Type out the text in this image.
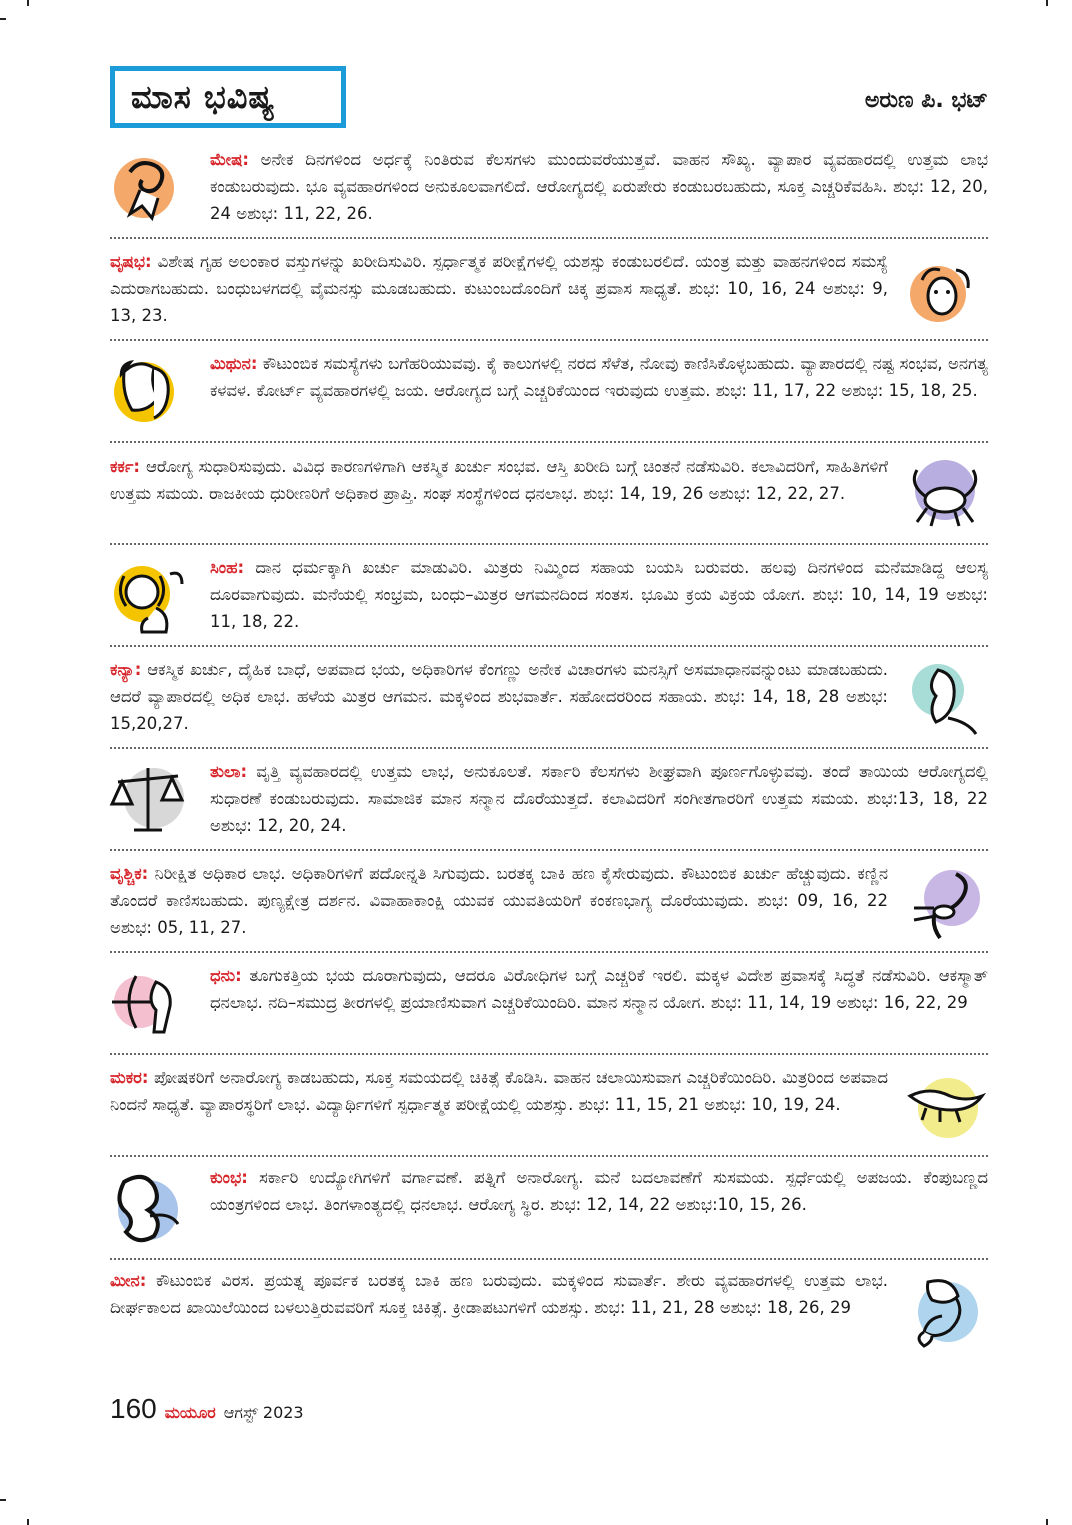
ಮಾಸ ಭವಿಷ್ಯ	ಅರುಣ ಪಿ. ಭಟ್

ಮೇಷ: ಅನೇಕ ದಿನಗಳಿಂದ ಅರ್ಧಕ್ಕೆ ನಿಂತಿರುವ ಕೆಲಸಗಳು ಮುಂದುವರೆಯುತ್ತವೆ. ವಾಹನ ಸೌಖ್ಯ. ವ್ಯಾಪಾರ ವ್ಯವಹಾರದಲ್ಲಿ ಉತ್ತಮ ಲಾಭ ಕಂಡುಬರುವುದು. ಭೂ ವ್ಯವಹಾರಗಳಿಂದ ಅನುಕೂಲವಾಗಲಿದೆ. ಆರೋಗ್ಯದಲ್ಲಿ ಏರುಪೇರು ಕಂಡುಬರಬಹುದು, ಸೂಕ್ತ ಎಚ್ಚರಿಕೆವಹಿಸಿ. ಶುಭ: 12, 20, 24 ಅಶುಭ: 11, 22, 26.

ವೃಷಭ: ವಿಶೇಷ ಗೃಹ ಅಲಂಕಾರ ವಸ್ತುಗಳನ್ನು ಖರೀದಿಸುವಿರಿ. ಸ್ಪರ್ಧಾತ್ಮಕ ಪರೀಕ್ಷೆಗಳಲ್ಲಿ ಯಶಸ್ಸು ಕಂಡುಬರಲಿದೆ. ಯಂತ್ರ ಮತ್ತು ವಾಹನಗಳಿಂದ ಸಮಸ್ಯೆ ಎದುರಾಗಬಹುದು. ಬಂಧುಬಳಗದಲ್ಲಿ ವೈಮನಸ್ಸು ಮೂಡಬಹುದು. ಕುಟುಂಬದೊಂದಿಗೆ ಚಿಕ್ಕ ಪ್ರವಾಸ ಸಾಧ್ಯತೆ. ಶುಭ: 10, 16, 24 ಅಶುಭ: 9, 13, 23.

ಮಿಥುನ: ಕೌಟುಂಬಿಕ ಸಮಸ್ಯೆಗಳು ಬಗೆಹರಿಯುವವು. ಕೈ ಕಾಲುಗಳಲ್ಲಿ ನರದ ಸೆಳೆತ, ನೋವು ಕಾಣಿಸಿಕೊಳ್ಳಬಹುದು. ವ್ಯಾಪಾರದಲ್ಲಿ ನಷ್ಟ ಸಂಭವ, ಅನಗತ್ಯ ಕಳವಳ. ಕೋರ್ಟ್ ವ್ಯವಹಾರಗಳಲ್ಲಿ ಜಯ. ಆರೋಗ್ಯದ ಬಗ್ಗೆ ಎಚ್ಚರಿಕೆಯಿಂದ ಇರುವುದು ಉತ್ತಮ. ಶುಭ: 11, 17, 22 ಅಶುಭ: 15, 18, 25.

ಕರ್ಕ: ಆರೋಗ್ಯ ಸುಧಾರಿಸುವುದು. ವಿವಿಧ ಕಾರಣಗಳಿಗಾಗಿ ಆಕಸ್ಮಿಕ ಖರ್ಚು ಸಂಭವ. ಆಸ್ತಿ ಖರೀದಿ ಬಗ್ಗೆ ಚಿಂತನೆ ನಡೆಸುವಿರಿ. ಕಲಾವಿದರಿಗೆ, ಸಾಹಿತಿಗಳಿಗೆ ಉತ್ತಮ ಸಮಯ. ರಾಜಕೀಯ ಧುರೀಣರಿಗೆ ಅಧಿಕಾರ ಪ್ರಾಪ್ತಿ. ಸಂಘ ಸಂಸ್ಥೆಗಳಿಂದ ಧನಲಾಭ. ಶುಭ: 14, 19, 26 ಅಶುಭ: 12, 22, 27.

ಸಿಂಹ: ದಾನ ಧರ್ಮಕ್ಕಾಗಿ ಖರ್ಚು ಮಾಡುವಿರಿ. ಮಿತ್ರರು ನಿಮ್ಮಿಂದ ಸಹಾಯ ಬಯಸಿ ಬರುವರು. ಹಲವು ದಿನಗಳಿಂದ ಮನೆಮಾಡಿದ್ದ ಆಲಸ್ಯ ದೂರವಾಗುವುದು. ಮನೆಯಲ್ಲಿ ಸಂಭ್ರಮ, ಬಂಧು–ಮಿತ್ರರ ಆಗಮನದಿಂದ ಸಂತಸ. ಭೂಮಿ ಕ್ರಯ ವಿಕ್ರಯ ಯೋಗ. ಶುಭ: 10, 14, 19 ಅಶುಭ: 11, 18, 22.

ಕನ್ಯಾ: ಆಕಸ್ಮಿಕ ಖರ್ಚು, ದೈಹಿಕ ಬಾಧೆ, ಅಪವಾದ ಭಯ, ಅಧಿಕಾರಿಗಳ ಕೆಂಗಣ್ಣು ಅನೇಕ ವಿಚಾರಗಳು ಮನಸ್ಸಿಗೆ ಅಸಮಾಧಾನವನ್ನುಂಟು ಮಾಡಬಹುದು. ಆದರೆ ವ್ಯಾಪಾರದಲ್ಲಿ ಅಧಿಕ ಲಾಭ. ಹಳೆಯ ಮಿತ್ರರ ಆಗಮನ. ಮಕ್ಕಳಿಂದ ಶುಭವಾರ್ತೆ. ಸಹೋದರರಿಂದ ಸಹಾಯ. ಶುಭ: 14, 18, 28 ಅಶುಭ: 15,20,27.

ತುಲಾ: ವೃತ್ತಿ ವ್ಯವಹಾರದಲ್ಲಿ ಉತ್ತಮ ಲಾಭ, ಅನುಕೂಲತೆ. ಸರ್ಕಾರಿ ಕೆಲಸಗಳು ಶೀಘ್ರವಾಗಿ ಪೂರ್ಣಗೊಳ್ಳುವವು. ತಂದೆ ತಾಯಿಯ ಆರೋಗ್ಯದಲ್ಲಿ ಸುಧಾರಣೆ ಕಂಡುಬರುವುದು. ಸಾಮಾಜಿಕ ಮಾನ ಸನ್ಮಾನ ದೊರೆಯುತ್ತದೆ. ಕಲಾವಿದರಿಗೆ ಸಂಗೀತಗಾರರಿಗೆ ಉತ್ತಮ ಸಮಯ. ಶುಭ:13, 18, 22 ಅಶುಭ: 12, 20, 24.

ವೃಶ್ಚಿಕ: ನಿರೀಕ್ಷಿತ ಅಧಿಕಾರ ಲಾಭ. ಅಧಿಕಾರಿಗಳಿಗೆ ಪದೋನ್ನತಿ ಸಿಗುವುದು. ಬರತಕ್ಕ ಬಾಕಿ ಹಣ ಕೈಸೇರುವುದು. ಕೌಟುಂಬಿಕ ಖರ್ಚು ಹೆಚ್ಚುವುದು. ಕಣ್ಣಿನ ತೊಂದರೆ ಕಾಣಿಸಬಹುದು. ಪುಣ್ಯಕ್ಷೇತ್ರ ದರ್ಶನ. ವಿವಾಹಾಕಾಂಕ್ಷಿ ಯುವಕ ಯುವತಿಯರಿಗೆ ಕಂಕಣಭಾಗ್ಯ ದೊರೆಯುವುದು. ಶುಭ: 09, 16, 22 ಅಶುಭ: 05, 11, 27.

ಧನು: ತೂಗುಕತ್ತಿಯ ಭಯ ದೂರಾಗುವುದು, ಆದರೂ ವಿರೋಧಿಗಳ ಬಗ್ಗೆ ಎಚ್ಚರಿಕೆ ಇರಲಿ. ಮಕ್ಕಳ ವಿದೇಶ ಪ್ರವಾಸಕ್ಕೆ ಸಿದ್ಧತೆ ನಡೆಸುವಿರಿ. ಆಕಸ್ಮಾತ್ ಧನಲಾಭ. ನದಿ–ಸಮುದ್ರ ತೀರಗಳಲ್ಲಿ ಪ್ರಯಾಣಿಸುವಾಗ ಎಚ್ಚರಿಕೆಯಿಂದಿರಿ. ಮಾನ ಸನ್ಮಾನ ಯೋಗ. ಶುಭ: 11, 14, 19 ಅಶುಭ: 16, 22, 29

ಮಕರ: ಪೋಷಕರಿಗೆ ಅನಾರೋಗ್ಯ ಕಾಡಬಹುದು, ಸೂಕ್ತ ಸಮಯದಲ್ಲಿ ಚಿಕಿತ್ಸೆ ಕೊಡಿಸಿ. ವಾಹನ ಚಲಾಯಿಸುವಾಗ ಎಚ್ಚರಿಕೆಯಿಂದಿರಿ. ಮಿತ್ರರಿಂದ ಅಪವಾದ ನಿಂದನೆ ಸಾಧ್ಯತೆ. ವ್ಯಾಪಾರಸ್ಥರಿಗೆ ಲಾಭ. ವಿದ್ಯಾರ್ಥಿಗಳಿಗೆ ಸ್ಪರ್ಧಾತ್ಮಕ ಪರೀಕ್ಷೆಯಲ್ಲಿ ಯಶಸ್ಸು. ಶುಭ: 11, 15, 21 ಅಶುಭ: 10, 19, 24.

ಕುಂಭ: ಸರ್ಕಾರಿ ಉದ್ಯೋಗಿಗಳಿಗೆ ವರ್ಗಾವಣೆ. ಪತ್ನಿಗೆ ಅನಾರೋಗ್ಯ. ಮನೆ ಬದಲಾವಣೆಗೆ ಸುಸಮಯ. ಸ್ಪರ್ಧೆಯಲ್ಲಿ ಅಪಜಯ. ಕೆಂಪುಬಣ್ಣದ ಯಂತ್ರಗಳಿಂದ ಲಾಭ. ತಿಂಗಳಾಂತ್ಯದಲ್ಲಿ ಧನಲಾಭ. ಆರೋಗ್ಯ ಸ್ಥಿರ. ಶುಭ: 12, 14, 22 ಅಶುಭ:10, 15, 26.

ಮೀನ: ಕೌಟುಂಬಿಕ ವಿರಸ. ಪ್ರಯತ್ನ ಪೂರ್ವಕ ಬರತಕ್ಕ ಬಾಕಿ ಹಣ ಬರುವುದು. ಮಕ್ಕಳಿಂದ ಸುವಾರ್ತೆ. ಶೇರು ವ್ಯವಹಾರಗಳಲ್ಲಿ ಉತ್ತಮ ಲಾಭ. ದೀರ್ಘಕಾಲದ ಖಾಯಿಲೆಯಿಂದ ಬಳಲುತ್ತಿರುವವರಿಗೆ ಸೂಕ್ತ ಚಿಕಿತ್ಸೆ. ಕ್ರೀಡಾಪಟುಗಳಿಗೆ ಯಶಸ್ಸು. ಶುಭ: 11, 21, 28 ಅಶುಭ: 18, 26, 29

160 ಮಯೂರ ಆಗಸ್ಟ್ 2023
